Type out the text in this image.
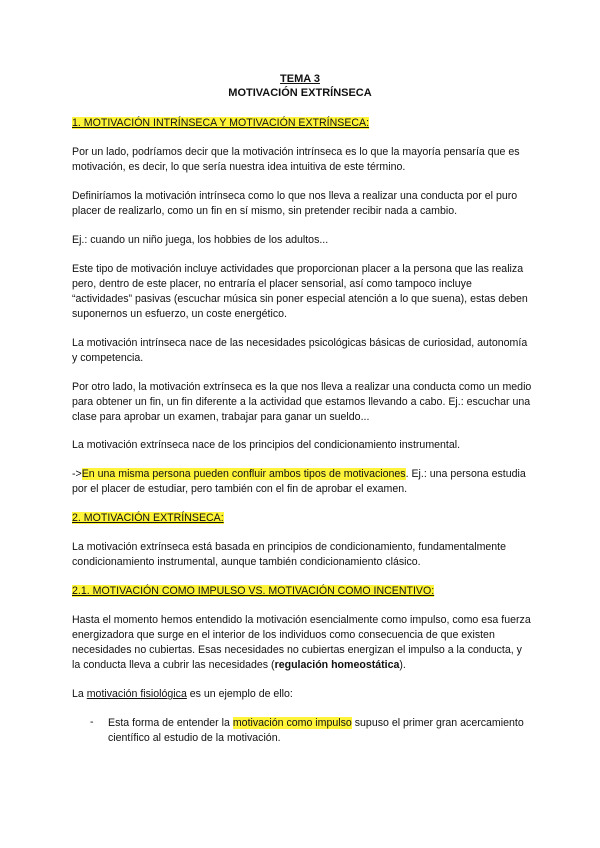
TEMA 3
MOTIVACIÓN EXTRÍNSECA

1. MOTIVACIÓN INTRÍNSECA Y MOTIVACIÓN EXTRÍNSECA:

Por un lado, podríamos decir que la motivación intrínseca es lo que la mayoría pensaría que es motivación, es decir, lo que sería nuestra idea intuitiva de este término.

Definiríamos la motivación intrínseca como lo que nos lleva a realizar una conducta por el puro placer de realizarlo, como un fin en sí mismo, sin pretender recibir nada a cambio.

Ej.: cuando un niño juega, los hobbies de los adultos...

Este tipo de motivación incluye actividades que proporcionan placer a la persona que las realiza pero, dentro de este placer, no entraría el placer sensorial, así como tampoco incluye “actividades” pasivas (escuchar música sin poner especial atención a lo que suena), estas deben suponernos un esfuerzo, un coste energético.

La motivación intrínseca nace de las necesidades psicológicas básicas de curiosidad, autonomía y competencia.

Por otro lado, la motivación extrínseca es la que nos lleva a realizar una conducta como un medio para obtener un fin, un fin diferente a la actividad que estamos llevando a cabo. Ej.: escuchar una clase para aprobar un examen, trabajar para ganar un sueldo...

La motivación extrínseca nace de los principios del condicionamiento instrumental.

->En una misma persona pueden confluir ambos tipos de motivaciones. Ej.: una persona estudia por el placer de estudiar, pero también con el fin de aprobar el examen.

2. MOTIVACIÓN EXTRÍNSECA:

La motivación extrínseca está basada en principios de condicionamiento, fundamentalmente condicionamiento instrumental, aunque también condicionamiento clásico.

2.1. MOTIVACIÓN COMO IMPULSO VS. MOTIVACIÓN COMO INCENTIVO:

Hasta el momento hemos entendido la motivación esencialmente como impulso, como esa fuerza energizadora que surge en el interior de los individuos como consecuencia de que existen necesidades no cubiertas. Esas necesidades no cubiertas energizan el impulso a la conducta, y la conducta lleva a cubrir las necesidades (regulación homeostática).

La motivación fisiológica es un ejemplo de ello:

- Esta forma de entender la motivación como impulso supuso el primer gran acercamiento científico al estudio de la motivación.
